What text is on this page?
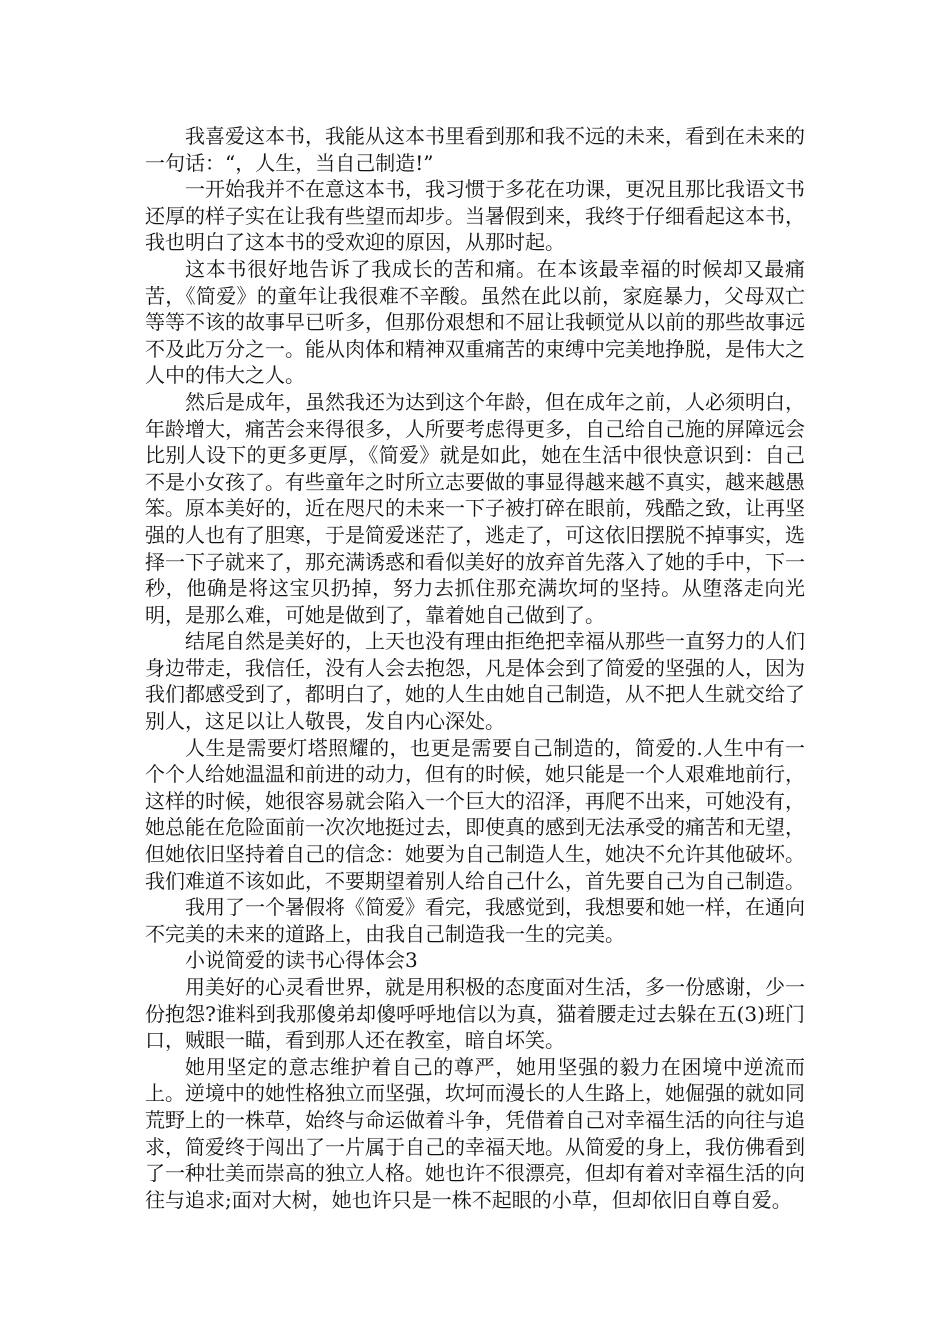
我喜爱这本书，我能从这本书里看到那和我不远的未来，看到在未来的一句话：“，人生，当自己制造!”

一开始我并不在意这本书，我习惯于多花在功课，更况且那比我语文书还厚的样子实在让我有些望而却步。当暑假到来，我终于仔细看起这本书，我也明白了这本书的受欢迎的原因，从那时起。

这本书很好地告诉了我成长的苦和痛。在本该最幸福的时候却又最痛苦，《简爱》的童年让我很难不辛酸。虽然在此以前，家庭暴力，父母双亡等等不该的故事早已听多，但那份艰想和不屈让我顿觉从以前的那些故事远不及此万分之一。能从肉体和精神双重痛苦的束缚中完美地挣脱，是伟大之人中的伟大之人。

然后是成年，虽然我还为达到这个年龄，但在成年之前，人必须明白，年龄增大，痛苦会来得很多，人所要考虑得更多，自己给自己施的屏障远会比别人设下的更多更厚，《简爱》就是如此，她在生活中很快意识到：自己不是小女孩了。有些童年之时所立志要做的事显得越来越不真实，越来越愚笨。原本美好的，近在咫尺的未来一下子被打碎在眼前，残酷之致，让再坚强的人也有了胆寒，于是简爱迷茫了，逃走了，可这依旧摆脱不掉事实，选择一下子就来了，那充满诱惑和看似美好的放弃首先落入了她的手中，下一秒，他确是将这宝贝扔掉，努力去抓住那充满坎坷的坚持。从堕落走向光明，是那么难，可她是做到了，靠着她自己做到了。

结尾自然是美好的，上天也没有理由拒绝把幸福从那些一直努力的人们身边带走，我信任，没有人会去抱怨，凡是体会到了简爱的坚强的人，因为我们都感受到了，都明白了，她的人生由她自己制造，从不把人生就交给了别人，这足以让人敬畏，发自内心深处。

人生是需要灯塔照耀的，也更是需要自己制造的，简爱的.人生中有一个个人给她温温和前进的动力，但有的时候，她只能是一个人艰难地前行，这样的时候，她很容易就会陷入一个巨大的沼泽，再爬不出来，可她没有，她总能在危险面前一次次地挺过去，即使真的感到无法承受的痛苦和无望，但她依旧坚持着自己的信念：她要为自己制造人生，她决不允许其他破坏。我们难道不该如此，不要期望着别人给自己什么，首先要自己为自己制造。

我用了一个暑假将《简爱》看完，我感觉到，我想要和她一样，在通向不完美的未来的道路上，由我自己制造我一生的完美。

小说简爱的读书心得体会3

用美好的心灵看世界，就是用积极的态度面对生活，多一份感谢，少一份抱怨?谁料到我那傻弟却傻呼呼地信以为真，猫着腰走过去躲在五(3)班门口，贼眼一瞄，看到那人还在教室，暗自坏笑。

她用坚定的意志维护着自己的尊严，她用坚强的毅力在困境中逆流而上。逆境中的她性格独立而坚强，坎坷而漫长的人生路上，她倔强的就如同荒野上的一株草，始终与命运做着斗争，凭借着自己对幸福生活的向往与追求，简爱终于闯出了一片属于自己的幸福天地。从简爱的身上，我仿佛看到了一种壮美而崇高的独立人格。她也许不很漂亮，但却有着对幸福生活的向往与追求;面对大树，她也许只是一株不起眼的小草，但却依旧自尊自爱。
